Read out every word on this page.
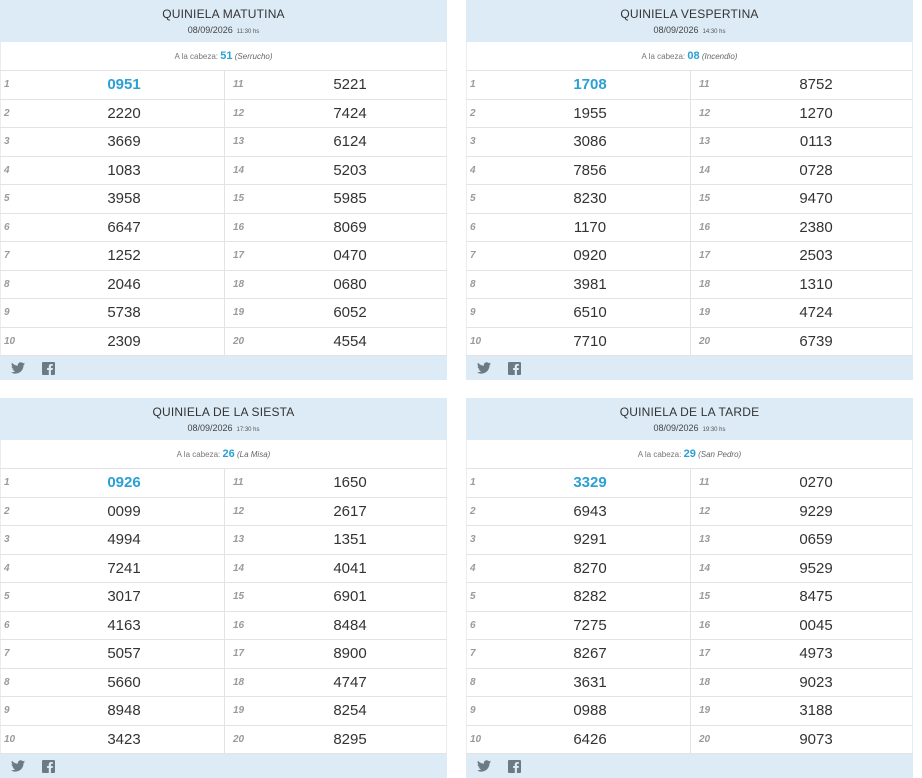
QUINIELA MATUTINA
08/09/2026 11:30 hs
A la cabeza: 51 (Serrucho)
1	0951	11	5221
2	2220	12	7424
3	3669	13	6124
4	1083	14	5203
5	3958	15	5985
6	6647	16	8069
7	1252	17	0470
8	2046	18	0680
9	5738	19	6052
10	2309	20	4554
QUINIELA VESPERTINA
08/09/2026 14:30 hs
A la cabeza: 08 (Incendio)
1	1708	11	8752
2	1955	12	1270
3	3086	13	0113
4	7856	14	0728
5	8230	15	9470
6	1170	16	2380
7	0920	17	2503
8	3981	18	1310
9	6510	19	4724
10	7710	20	6739
QUINIELA DE LA SIESTA
08/09/2026 17:30 hs
A la cabeza: 26 (La Misa)
1	0926	11	1650
2	0099	12	2617
3	4994	13	1351
4	7241	14	4041
5	3017	15	6901
6	4163	16	8484
7	5057	17	8900
8	5660	18	4747
9	8948	19	8254
10	3423	20	8295
QUINIELA DE LA TARDE
08/09/2026 19:30 hs
A la cabeza: 29 (San Pedro)
1	3329	11	0270
2	6943	12	9229
3	9291	13	0659
4	8270	14	9529
5	8282	15	8475
6	7275	16	0045
7	8267	17	4973
8	3631	18	9023
9	0988	19	3188
10	6426	20	9073
